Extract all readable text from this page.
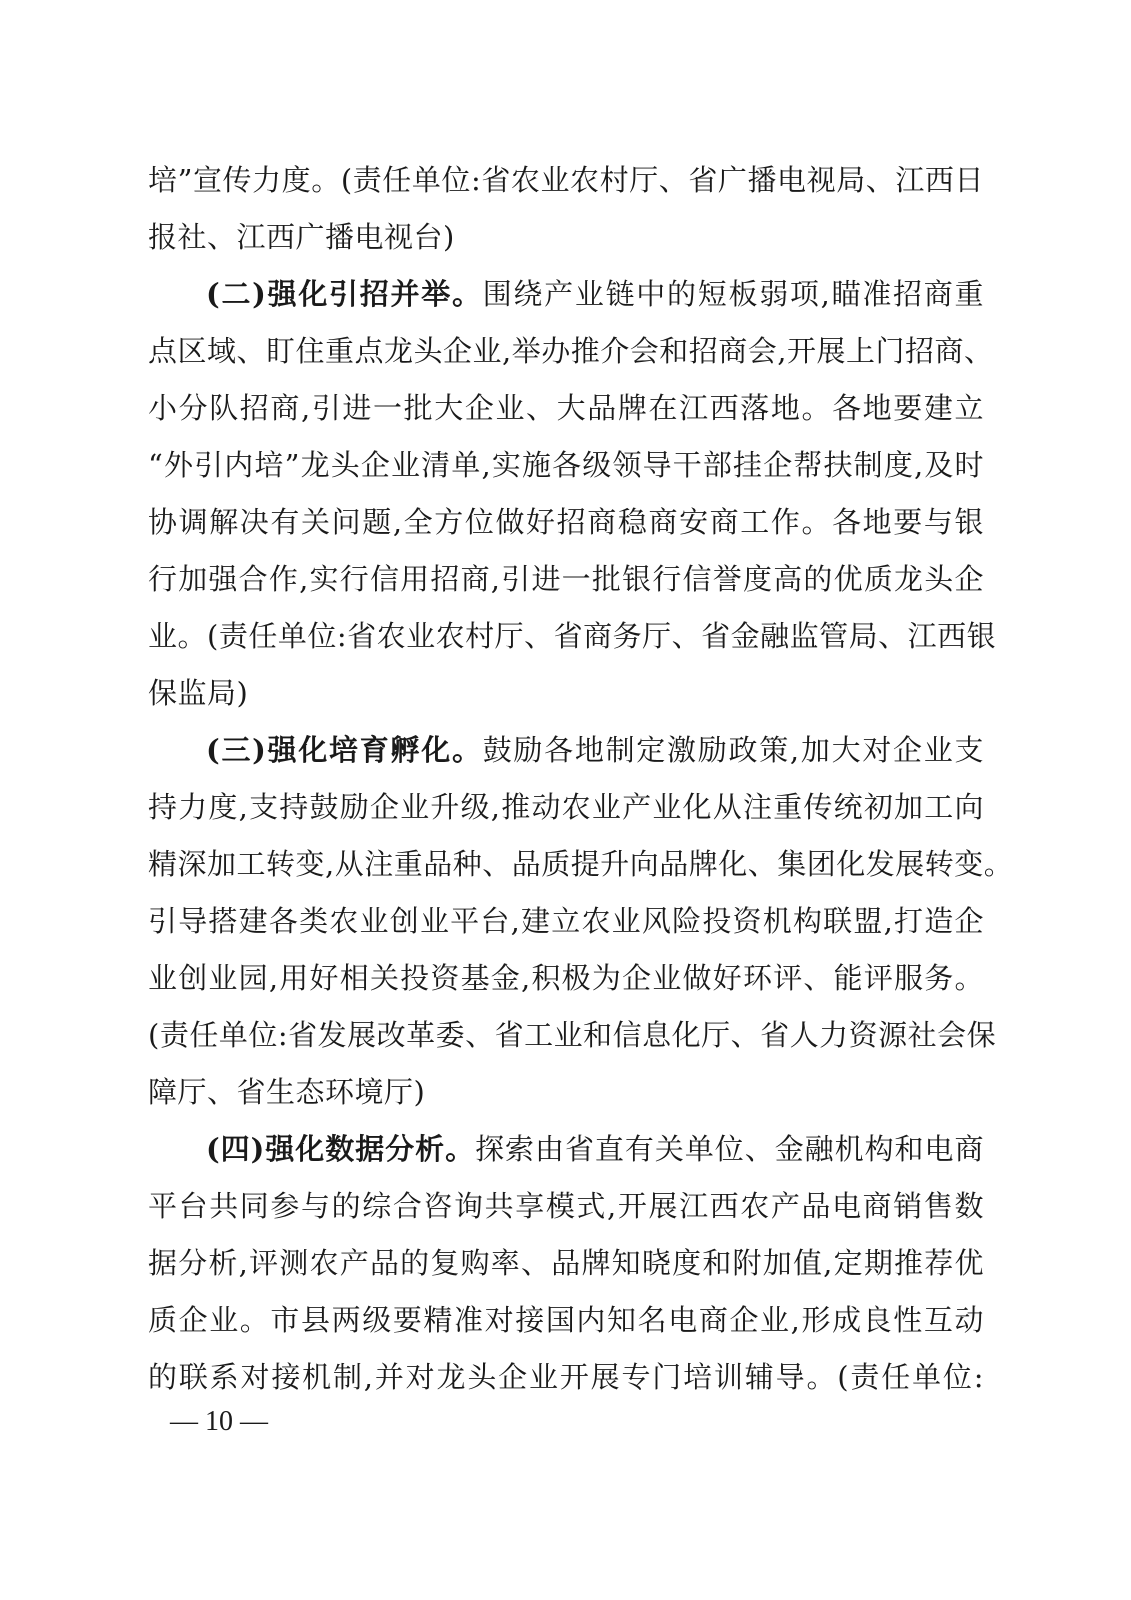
培”宣传力度。(责任单位:省农业农村厅、省广播电视局、江西日
报社、江西广播电视台)
(二)强化引招并举。围绕产业链中的短板弱项,瞄准招商重
点区域、盯住重点龙头企业,举办推介会和招商会,开展上门招商、
小分队招商,引进一批大企业、大品牌在江西落地。各地要建立
“外引内培”龙头企业清单,实施各级领导干部挂企帮扶制度,及时
协调解决有关问题,全方位做好招商稳商安商工作。各地要与银
行加强合作,实行信用招商,引进一批银行信誉度高的优质龙头企
业。(责任单位:省农业农村厅、省商务厅、省金融监管局、江西银
保监局)
(三)强化培育孵化。鼓励各地制定激励政策,加大对企业支
持力度,支持鼓励企业升级,推动农业产业化从注重传统初加工向
精深加工转变,从注重品种、品质提升向品牌化、集团化发展转变。
引导搭建各类农业创业平台,建立农业风险投资机构联盟,打造企
业创业园,用好相关投资基金,积极为企业做好环评、能评服务。
(责任单位:省发展改革委、省工业和信息化厅、省人力资源社会保
障厅、省生态环境厅)
(四)强化数据分析。探索由省直有关单位、金融机构和电商
平台共同参与的综合咨询共享模式,开展江西农产品电商销售数
据分析,评测农产品的复购率、品牌知晓度和附加值,定期推荐优
质企业。市县两级要精准对接国内知名电商企业,形成良性互动
的联系对接机制,并对龙头企业开展专门培训辅导。(责任单位:
— 10 —
